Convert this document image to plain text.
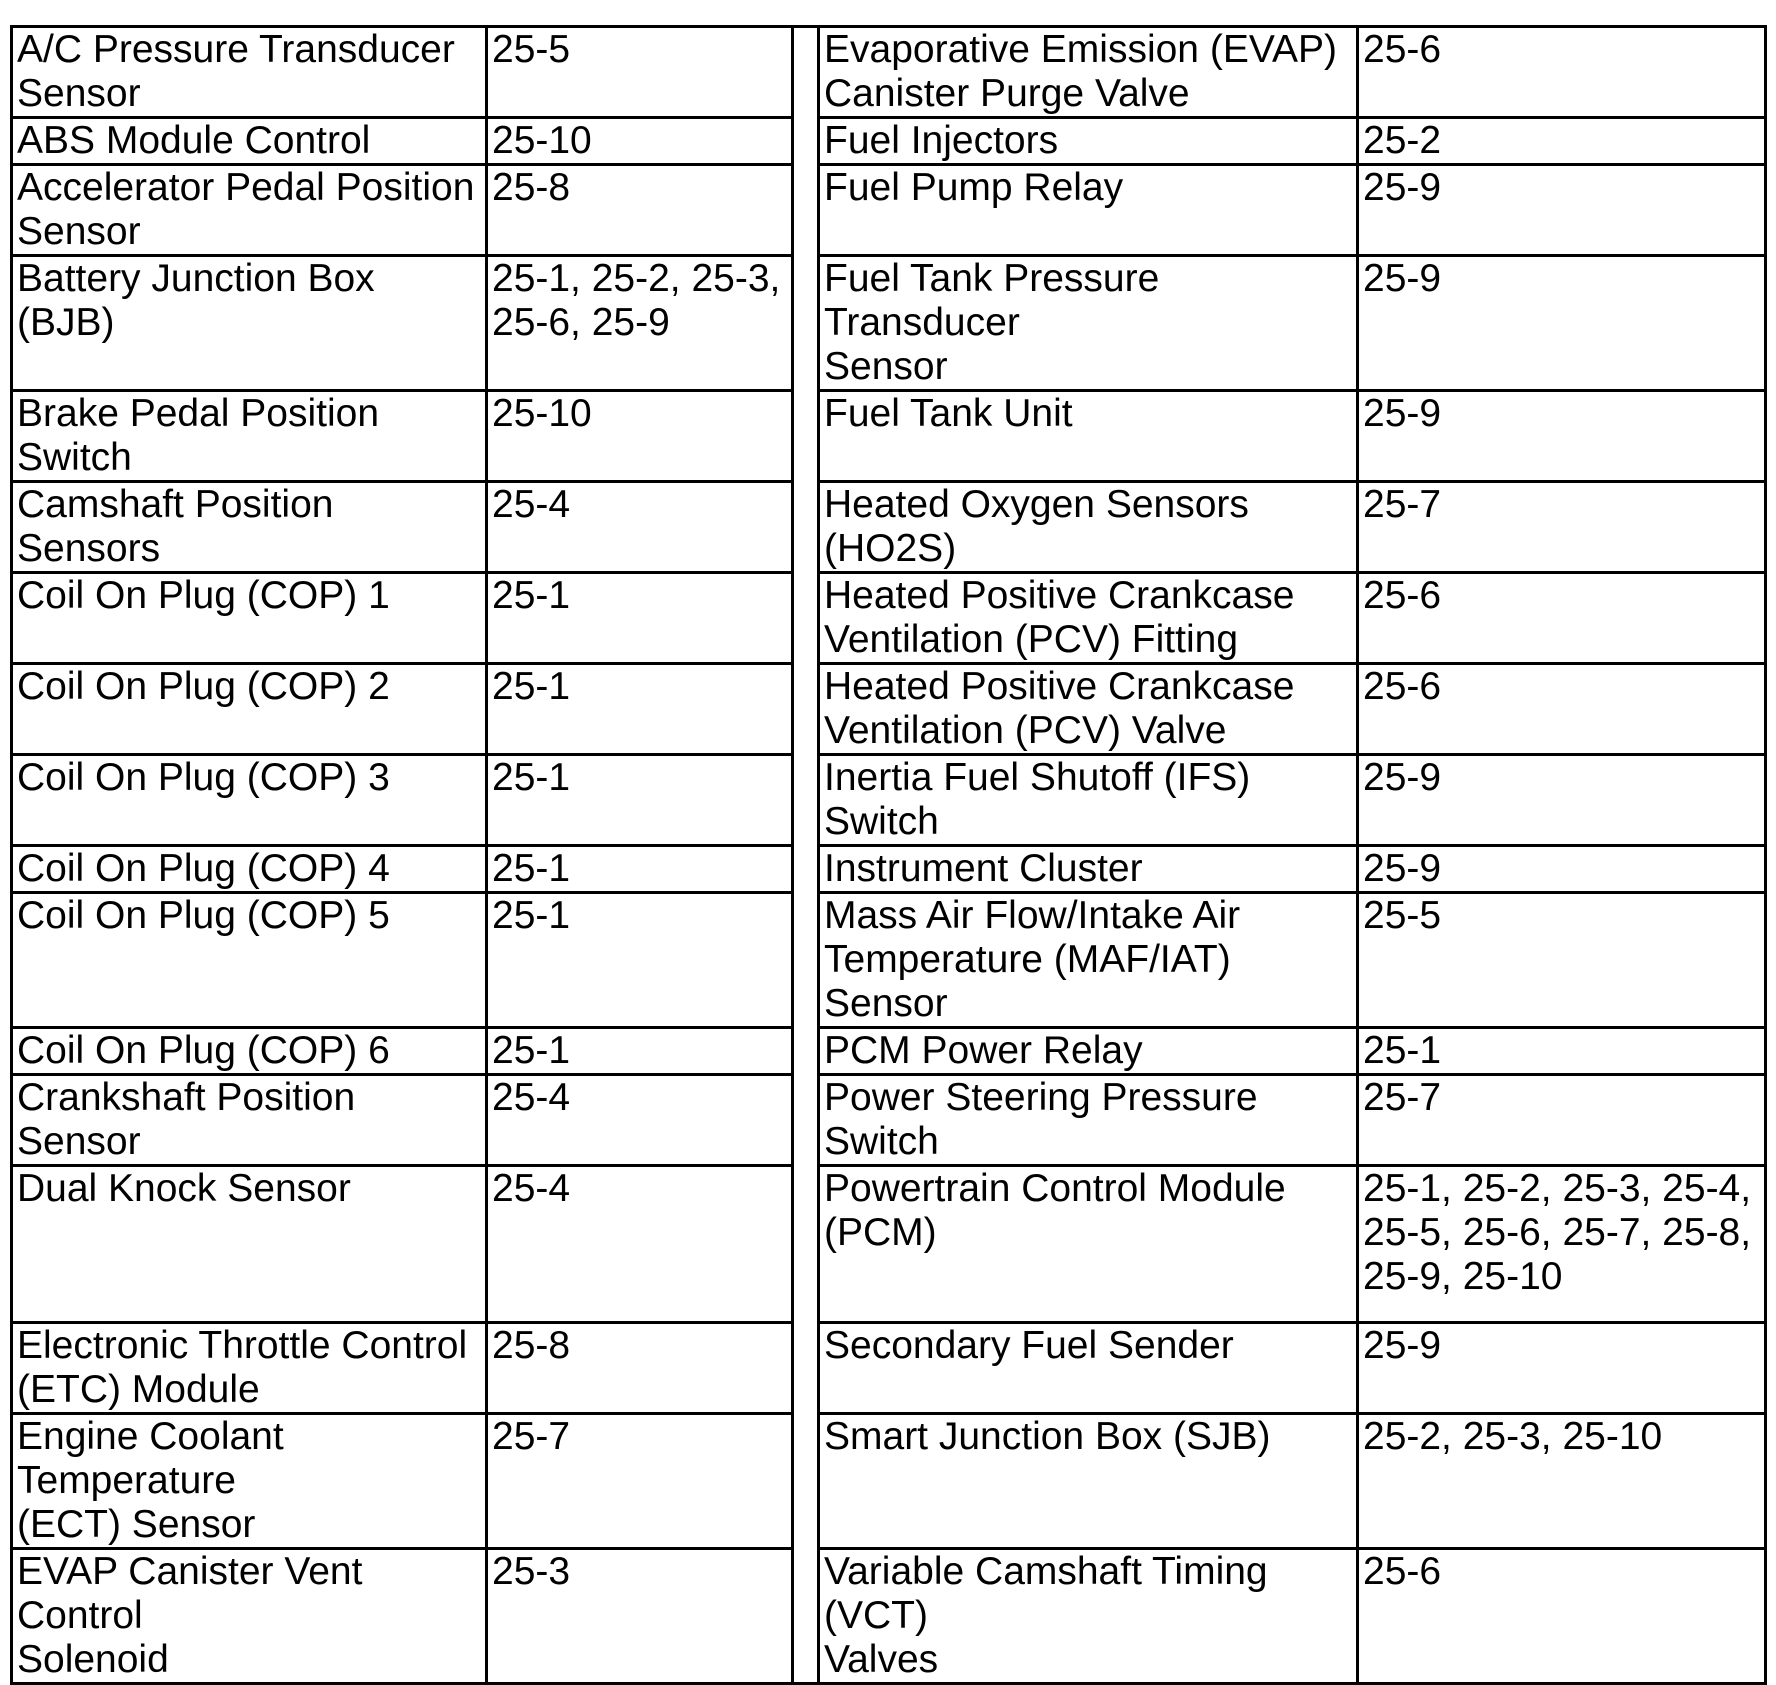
A/C Pressure Transducer
Sensor	25-5		Evaporative Emission (EVAP)
Canister Purge Valve	25-6
ABS Module Control	25-10		Fuel Injectors	25-2
Accelerator Pedal Position
Sensor	25-8		Fuel Pump Relay	25-9
Battery Junction Box (BJB)	25-1, 25-2, 25-3,
25-6, 25-9		Fuel Tank Pressure Transducer
Sensor	25-9
Brake Pedal Position Switch	25-10		Fuel Tank Unit	25-9
Camshaft Position Sensors	25-4		Heated Oxygen Sensors (HO2S)	25-7
Coil On Plug (COP) 1	25-1		Heated Positive Crankcase
Ventilation (PCV) Fitting	25-6
Coil On Plug (COP) 2	25-1		Heated Positive Crankcase
Ventilation (PCV) Valve	25-6
Coil On Plug (COP) 3	25-1		Inertia Fuel Shutoff (IFS) Switch	25-9
Coil On Plug (COP) 4	25-1		Instrument Cluster	25-9
Coil On Plug (COP) 5	25-1		Mass Air Flow/Intake Air
Temperature (MAF/IAT) Sensor	25-5
Coil On Plug (COP) 6	25-1		PCM Power Relay	25-1
Crankshaft Position Sensor	25-4		Power Steering Pressure Switch	25-7
Dual Knock Sensor	25-4		Powertrain Control Module
(PCM)	25-1, 25-2, 25-3, 25-4,
25-5, 25-6, 25-7, 25-8,
25-9, 25-10
Electronic Throttle Control
(ETC) Module	25-8		Secondary Fuel Sender	25-9
Engine Coolant Temperature
(ECT) Sensor	25-7		Smart Junction Box (SJB)	25-2, 25-3, 25-10
EVAP Canister Vent Control
Solenoid	25-3		Variable Camshaft Timing (VCT)
Valves	25-6
